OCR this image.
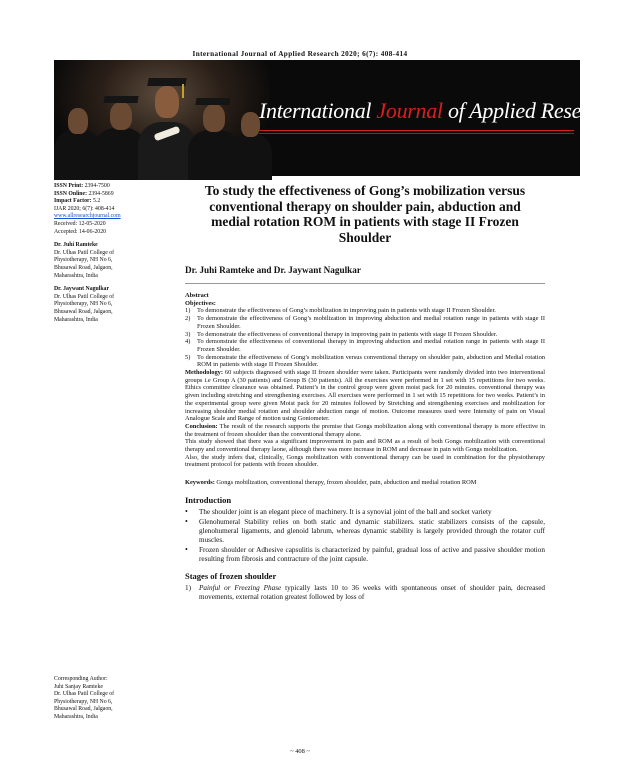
International Journal of Applied Research 2020; 6(7): 408-414
International Journal of Applied Research
ISSN Print: 2394-7500
ISSN Online: 2394-5869
Impact Factor: 5.2
IJAR 2020; 6(7): 408-414
www.allresearchjournal.com
Received: 12-05-2020
Accepted: 14-06-2020
Dr. Juhi Ramteke
Dr. Ulhas Patil College of
Physiotherapy, NH No 6,
Bhusawal Road, Jalgaon,
Maharashtra, India
Dr. Jaywant Nagulkar
Dr. Ulhas Patil College of
Physiotherapy, NH No 6,
Bhusawal Road, Jalgaon,
Maharashtra, India
Corresponding Author:
Juhi Sanjay Ramteke
Dr. Ulhas Patil College of
Physiotherapy, NH No 6,
Bhusawal Road, Jalgaon,
Maharashtra, India
To study the effectiveness of Gong’s mobilization versus conventional therapy on shoulder pain, abduction and medial rotation ROM in patients with stage II Frozen Shoulder
Dr. Juhi Ramteke and Dr. Jaywant Nagulkar
Abstract
Objectives:
1)	To demonstrate the effectiveness of Gong’s mobilization in improving pain in patients with stage II Frozen Shoulder.
2)	To demonstrate the effectiveness of Gong’s mobilization in improving abduction and medial rotation range in patients with stage II Frozen Shoulder.
3)	To demonstrate the effectiveness of conventional therapy in improving pain in patients with stage II Frozen Shoulder.
4)	To demonstrate the effectiveness of conventional therapy in improving abduction and medial rotation range in patients with stage II Frozen Shoulder.
5)	To demonstrate the effectiveness of Gong’s mobilization versus conventional therapy on shoulder pain, abduction and Medial rotation ROM in patients with stage II Frozen Shoulder.
Methodology: 60 subjects diagnosed with stage II frozen shoulder were taken. Participants were randomly divided into two interventional groups i.e Group A (30 patients) and Group B (30 patients). All the exercises were performed in 1 set with 15 repetitions for two weeks. Ethics committee clearance was obtained. Patient’s in the control group were given moist pack for 20 minutes. conventional therapy was given including stretching and strengthening exercises. All exercises were performed in 1 set with 15 repetitions for two weeks. Patient’s in the experimental group were given Moist pack for 20 minutes followed by Stretching and strengthening exercises and mobilization for increasing shoulder medial rotation and shoulder abduction range of motion. Outcome measures used were Intensity of pain on Visual Analogue Scale and Range of motion using Goniometer.
Conclusion: The result of the research supports the premise that Gongs mobilization along with conventional therapy is more effective in the treatment of frozen shoulder than the conventional therapy alone.
This study showed that there was a significant improvement in pain and ROM as a result of both Gongs mobilization with conventional therapy and conventional therapy laone, although there was more increase in ROM and decrease in pain with Gongs mobilization.
Also, the study infers that, clinically, Gongs mobilization with conventional therapy can be used in combination for the physiotherapy treatment protocol for patients with frozen shoulder.
Keywords: Gongs mobilization, conventional therapy, frozen shoulder, pain, abduction and medial rotation ROM
Introduction
•	The shoulder joint is an elegant piece of machinery. It is a synovial joint of the ball and socket variety
•	Glenohumeral Stability relies on both static and dynamic stabilizers. static stabilizers consists of the capsule, glenohumeral ligaments, and glenoid labrum, whereas dynamic stability is largely provided through the rotator cuff muscles.
•	Frozen shoulder or Adhesive capsulitis is characterized by painful, gradual loss of active and passive shoulder motion resulting from fibrosis and contracture of the joint capsule.
Stages of frozen shoulder
1)	Painful or Freezing Phase typically lasts 10 to 36 weeks with spontaneous onset of shoulder pain, decreased movements, external rotation greatest followed by loss of
~ 408 ~
